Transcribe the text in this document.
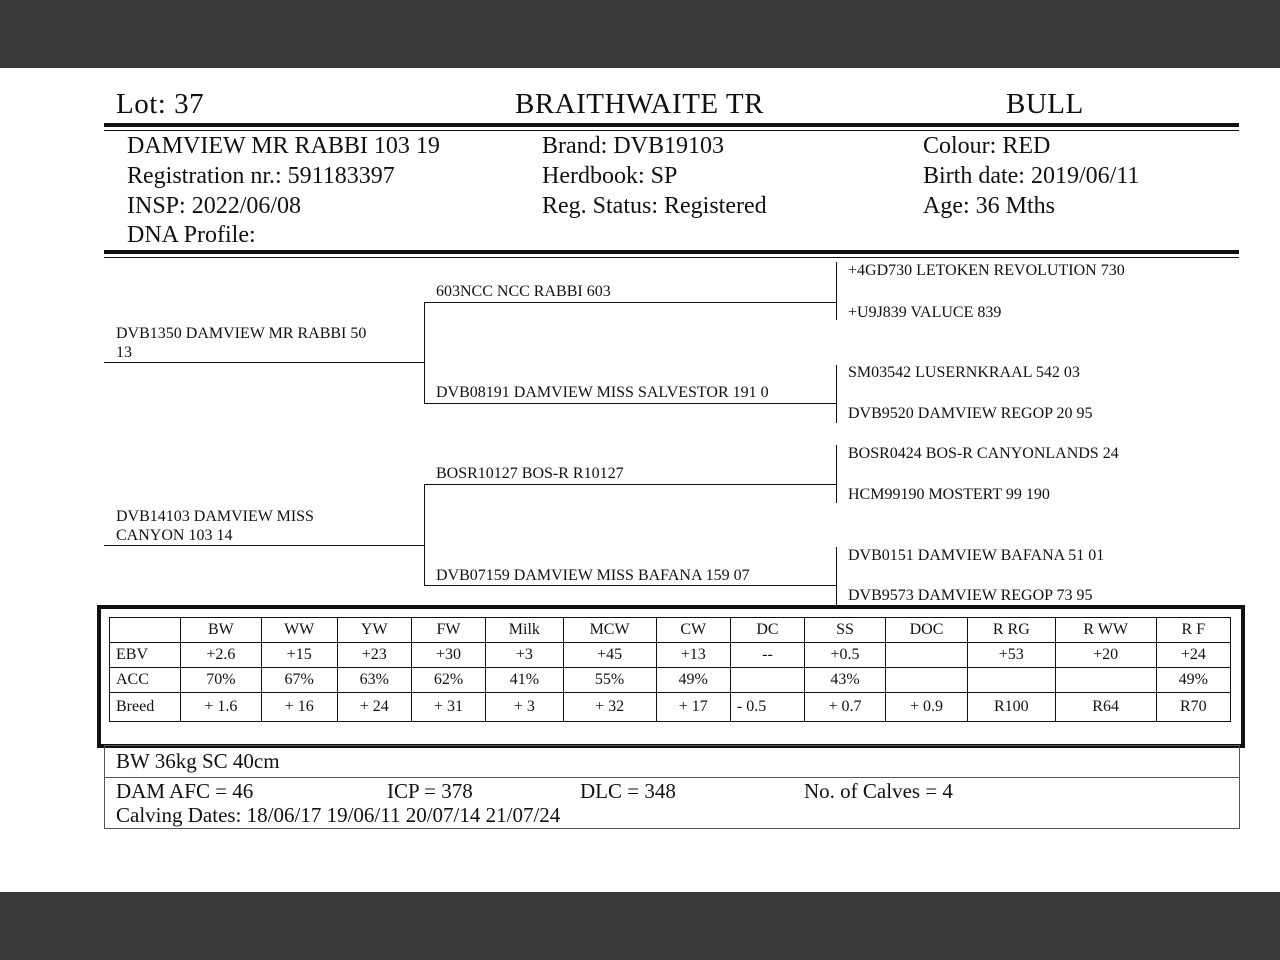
Lot: 37	BRAITHWAITE TR	BULL
DAMVIEW MR RABBI 103 19
Registration nr.: 591183397
INSP: 2022/06/08
DNA Profile:
Brand: DVB19103
Herdbook: SP
Reg. Status: Registered
Colour: RED
Birth date: 2019/06/11
Age: 36 Mths
DVB1350 DAMVIEW MR RABBI 50
13
DVB14103 DAMVIEW MISS
CANYON 103 14
603NCC NCC RABBI 603
DVB08191 DAMVIEW MISS SALVESTOR 191 0
BOSR10127 BOS-R R10127
DVB07159 DAMVIEW MISS BAFANA 159 07
+4GD730 LETOKEN REVOLUTION 730
+U9J839 VALUCE 839
SM03542 LUSERNKRAAL 542 03
DVB9520 DAMVIEW REGOP 20 95
BOSR0424 BOS-R CANYONLANDS 24
HCM99190 MOSTERT 99 190
DVB0151 DAMVIEW BAFANA 51 01
DVB9573 DAMVIEW REGOP 73 95
	BW	WW	YW	FW	Milk	MCW	CW	DC	SS	DOC	R RG	R WW	R F
EBV	+2.6	+15	+23	+30	+3	+45	+13	--	+0.5		+53	+20	+24
ACC	70%	67%	63%	62%	41%	55%	49%		43%				49%
Breed	+ 1.6	+ 16	+ 24	+ 31	+ 3	+ 32	+ 17	- 0.5	+ 0.7	+ 0.9	R100	R64	R70
BW 36kg SC 40cm
DAM AFC = 46	ICP = 378	DLC = 348	No. of Calves = 4
Calving Dates: 18/06/17 19/06/11 20/07/14 21/07/24
